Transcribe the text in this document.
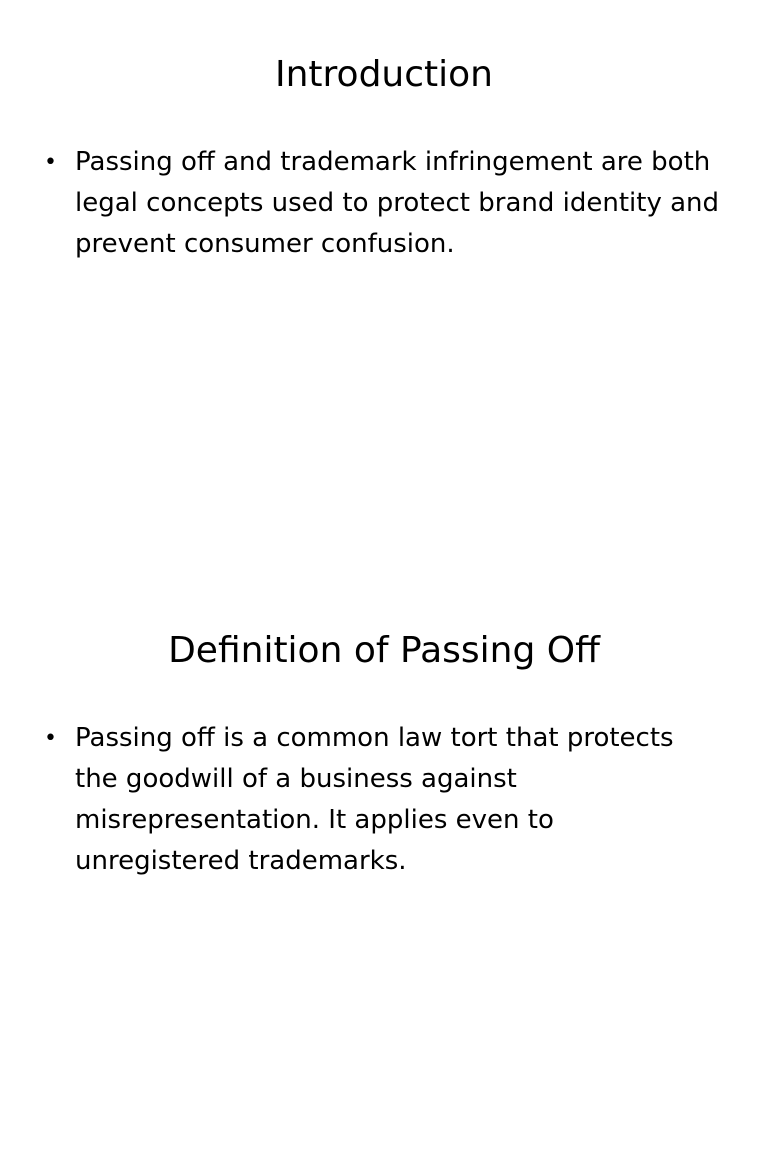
Introduction
• Passing off and trademark infringement are both legal concepts used to protect brand identity and prevent consumer confusion.
Definition of Passing Off
• Passing off is a common law tort that protects the goodwill of a business against misrepresentation. It applies even to unregistered trademarks.
